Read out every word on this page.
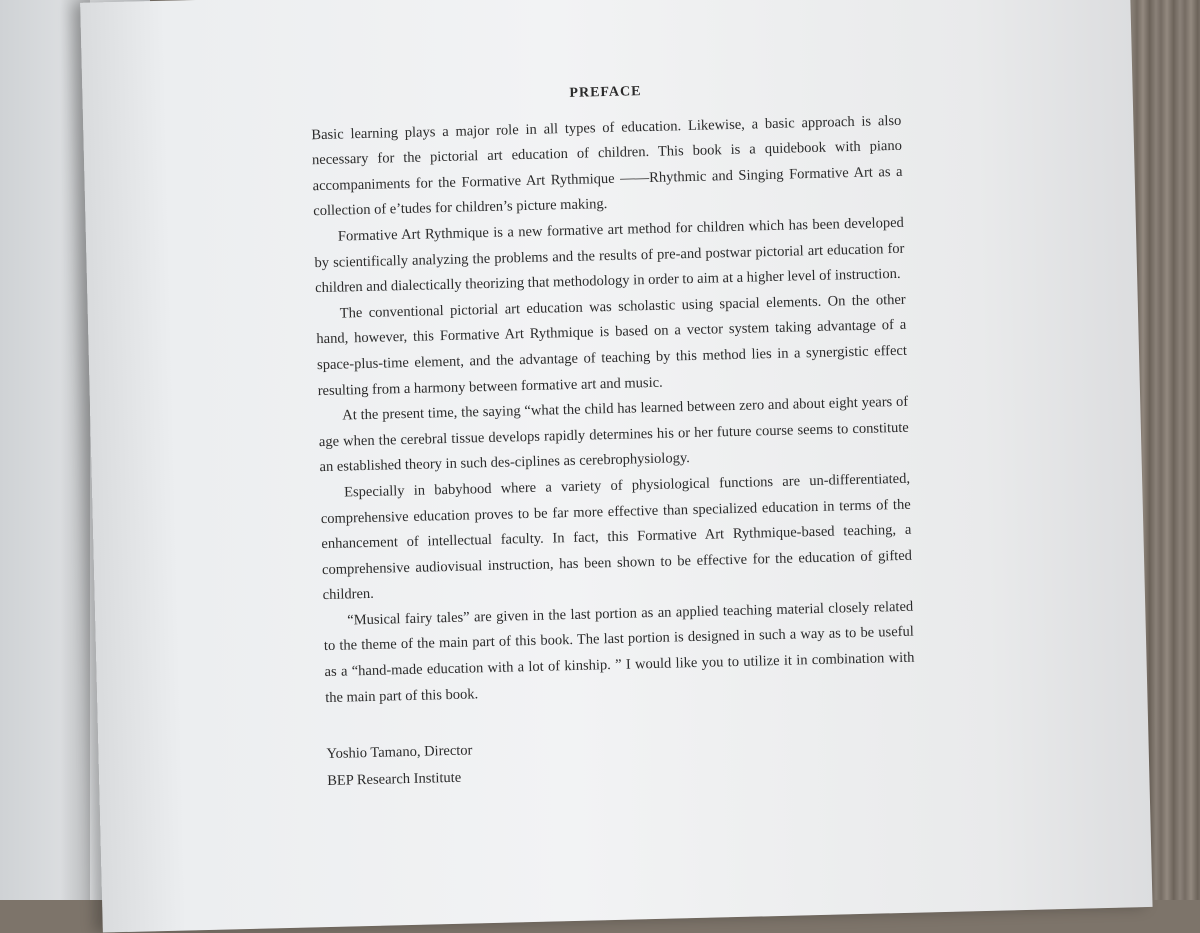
PREFACE

Basic learning plays a major role in all types of education. Likewise, a basic approach is also necessary for the pictorial art education of children. This book is a quidebook with piano accompaniments for the Formative Art Rythmique ――Rhythmic and Singing Formative Art as a collection of e’tudes for children’s picture making.

Formative Art Rythmique is a new formative art method for children which has been developed by scientifically analyzing the problems and the results of pre-and postwar pictorial art education for children and dialectically theorizing that methodology in order to aim at a higher level of instruction.

The conventional pictorial art education was scholastic using spacial elements. On the other hand, however, this Formative Art Rythmique is based on a vector system taking advantage of a space-plus-time element, and the advantage of teaching by this method lies in a synergistic effect resulting from a harmony between formative art and music.

At the present time, the saying “what the child has learned between zero and about eight years of age when the cerebral tissue develops rapidly determines his or her future course seems to constitute an established theory in such des-ciplines as cerebrophysiology.

Especially in babyhood where a variety of physiological functions are un-differentiated, comprehensive education proves to be far more effective than specialized education in terms of the enhancement of intellectual faculty. In fact, this Formative Art Rythmique-based teaching, a comprehensive audiovisual instruction, has been shown to be effective for the education of gifted children.

“Musical fairy tales” are given in the last portion as an applied teaching material closely related to the theme of the main part of this book. The last portion is designed in such a way as to be useful as a “hand-made education with a lot of kinship. ” I would like you to utilize it in combination with the main part of this book.

Yoshio Tamano, Director
BEP Research Institute
